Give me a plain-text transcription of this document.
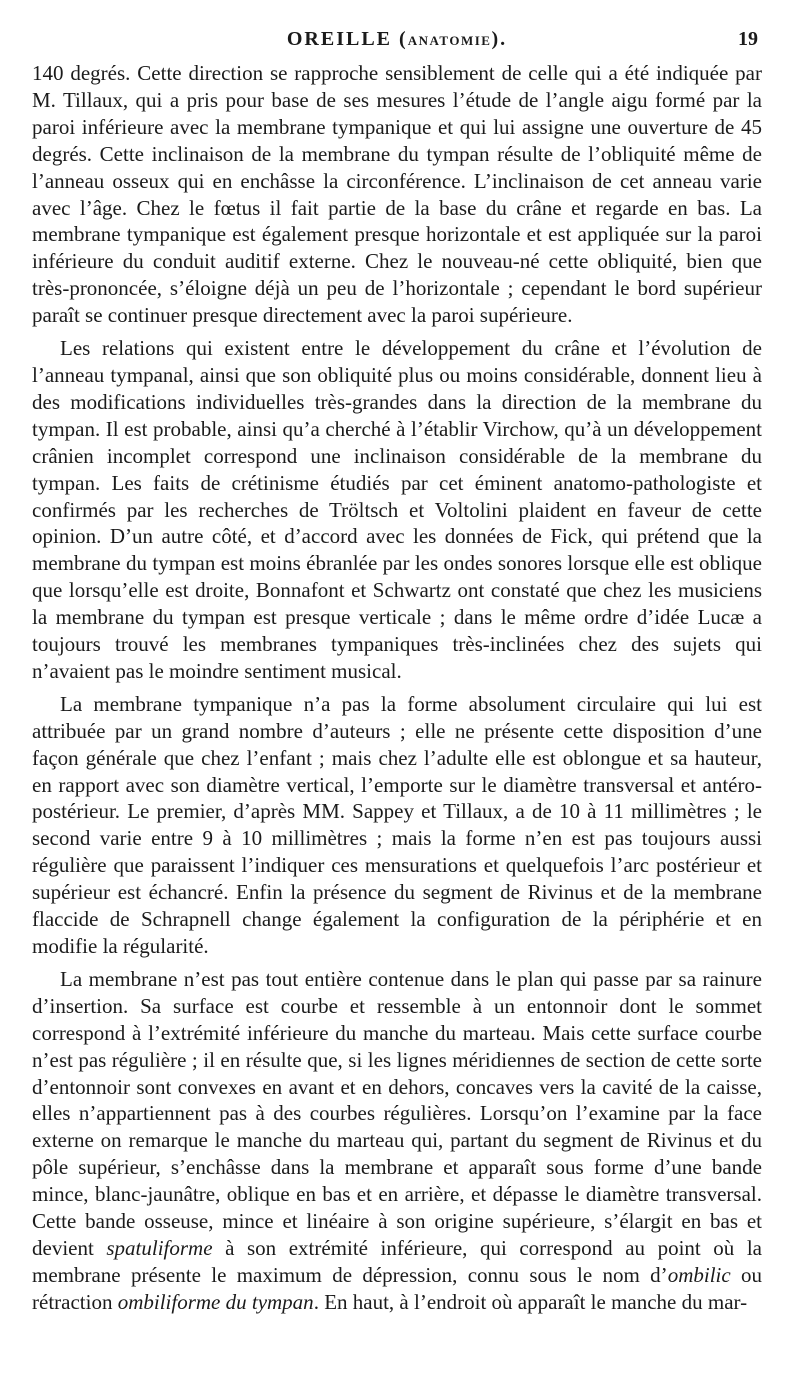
OREILLE (ANATOMIE).	19

140 degrés. Cette direction se rapproche sensiblement de celle qui a été indiquée par M. Tillaux, qui a pris pour base de ses mesures l’étude de l’angle aigu formé par la paroi inférieure avec la membrane tympanique et qui lui assigne une ouverture de 45 degrés. Cette inclinaison de la membrane du tympan résulte de l’obliquité même de l’anneau osseux qui en enchâsse la circonférence. L’inclinaison de cet anneau varie avec l’âge. Chez le fœtus il fait partie de la base du crâne et regarde en bas. La membrane tympanique est également presque horizontale et est appliquée sur la paroi inférieure du conduit auditif externe. Chez le nouveau-né cette obliquité, bien que très-prononcée, s’éloigne déjà un peu de l’horizontale ; cependant le bord supérieur paraît se continuer presque directement avec la paroi supérieure.

Les relations qui existent entre le développement du crâne et l’évolution de l’anneau tympanal, ainsi que son obliquité plus ou moins considérable, donnent lieu à des modifications individuelles très-grandes dans la direction de la membrane du tympan. Il est probable, ainsi qu’a cherché à l’établir Virchow, qu’à un développement crânien incomplet correspond une inclinaison considérable de la membrane du tympan. Les faits de crétinisme étudiés par cet éminent anatomo-pathologiste et confirmés par les recherches de Tröltsch et Voltolini plaident en faveur de cette opinion. D’un autre côté, et d’accord avec les données de Fick, qui prétend que la membrane du tympan est moins ébranlée par les ondes sonores lorsque elle est oblique que lorsqu’elle est droite, Bonnafont et Schwartz ont constaté que chez les musiciens la membrane du tympan est presque verticale ; dans le même ordre d’idée Lucæ a toujours trouvé les membranes tympaniques très-inclinées chez des sujets qui n’avaient pas le moindre sentiment musical.

La membrane tympanique n’a pas la forme absolument circulaire qui lui est attribuée par un grand nombre d’auteurs ; elle ne présente cette disposition d’une façon générale que chez l’enfant ; mais chez l’adulte elle est oblongue et sa hauteur, en rapport avec son diamètre vertical, l’emporte sur le diamètre transversal et antéro-postérieur. Le premier, d’après MM. Sappey et Tillaux, a de 10 à 11 millimètres ; le second varie entre 9 à 10 millimètres ; mais la forme n’en est pas toujours aussi régulière que paraissent l’indiquer ces mensurations et quelquefois l’arc postérieur et supérieur est échancré. Enfin la présence du segment de Rivinus et de la membrane flaccide de Schrapnell change également la configuration de la périphérie et en modifie la régularité.

La membrane n’est pas tout entière contenue dans le plan qui passe par sa rainure d’insertion. Sa surface est courbe et ressemble à un entonnoir dont le sommet correspond à l’extrémité inférieure du manche du marteau. Mais cette surface courbe n’est pas régulière ; il en résulte que, si les lignes méridiennes de section de cette sorte d’entonnoir sont convexes en avant et en dehors, concaves vers la cavité de la caisse, elles n’appartiennent pas à des courbes régulières. Lorsqu’on l’examine par la face externe on remarque le manche du marteau qui, partant du segment de Rivinus et du pôle supérieur, s’enchâsse dans la membrane et apparaît sous forme d’une bande mince, blanc-jaunâtre, oblique en bas et en arrière, et dépasse le diamètre transversal. Cette bande osseuse, mince et linéaire à son origine supérieure, s’élargit en bas et devient spatuliforme à son extrémité inférieure, qui correspond au point où la membrane présente le maximum de dépression, connu sous le nom d’ombilic ou rétraction ombiliforme du tympan. En haut, à l’endroit où apparaît le manche du mar-
